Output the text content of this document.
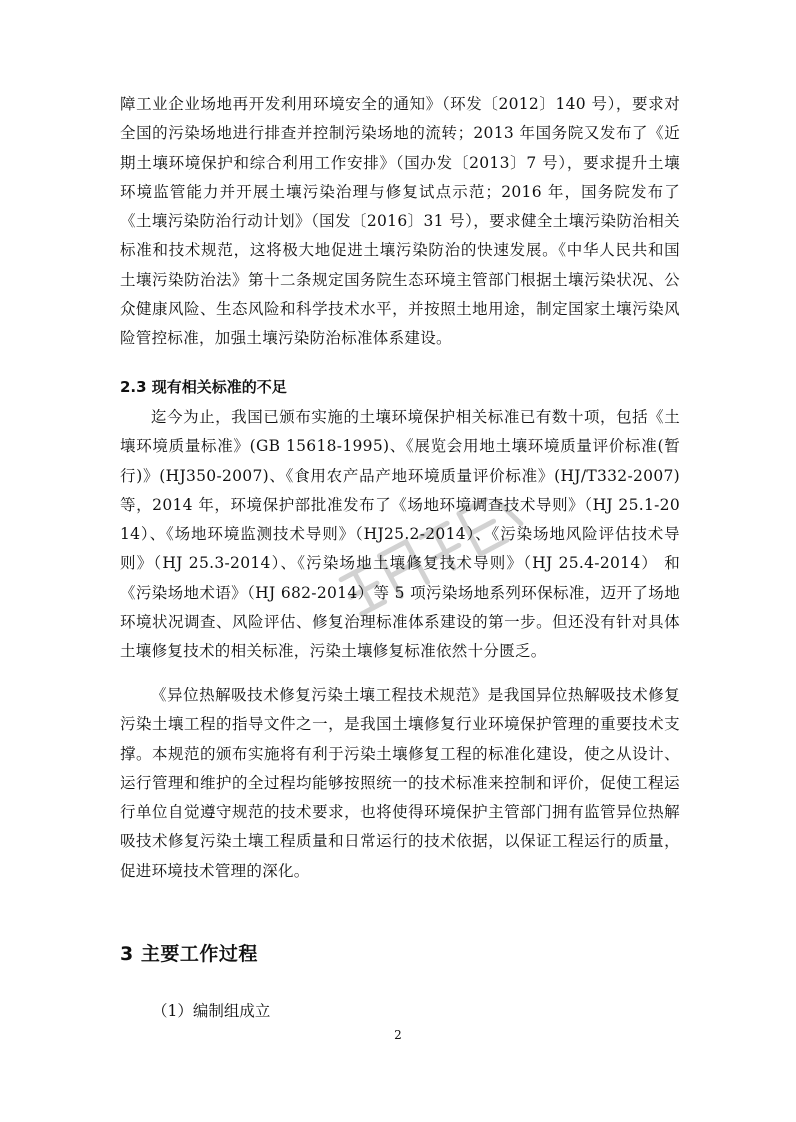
障工业企业场地再开发利用环境安全的通知》（环发〔2012〕140 号），要求对全国的污染场地进行排查并控制污染场地的流转；2013 年国务院又发布了《近期土壤环境保护和综合利用工作安排》（国办发〔2013〕7 号），要求提升土壤环境监管能力并开展土壤污染治理与修复试点示范；2016 年，国务院发布了《土壤污染防治行动计划》（国发〔2016〕31 号），要求健全土壤污染防治相关标准和技术规范，这将极大地促进土壤污染防治的快速发展。《中华人民共和国土壤污染防治法》第十二条规定国务院生态环境主管部门根据土壤污染状况、公众健康风险、生态风险和科学技术水平，并按照土地用途，制定国家土壤污染风险管控标准，加强土壤污染防治标准体系建设。

2.3 现有相关标准的不足

迄今为止，我国已颁布实施的土壤环境保护相关标准已有数十项，包括《土壤环境质量标准》(GB 15618-1995)、《展览会用地土壤环境质量评价标准(暂行)》(HJ350-2007)、《食用农产品产地环境质量评价标准》(HJ/T332-2007)等，2014 年，环境保护部批准发布了《场地环境调查技术导则》（HJ 25.1-2014）、《场地环境监测技术导则》（HJ25.2-2014）、《污染场地风险评估技术导则》（HJ 25.3-2014）、《污染场地土壤修复技术导则》（HJ 25.4-2014） 和 《污染场地术语》（HJ 682-2014）等 5 项污染场地系列环保标准，迈开了场地环境状况调查、风险评估、修复治理标准体系建设的第一步。但还没有针对具体土壤修复技术的相关标准，污染土壤修复标准依然十分匮乏。

《异位热解吸技术修复污染土壤工程技术规范》是我国异位热解吸技术修复污染土壤工程的指导文件之一，是我国土壤修复行业环境保护管理的重要技术支撑。本规范的颁布实施将有利于污染土壤修复工程的标准化建设，使之从设计、运行管理和维护的全过程均能够按照统一的技术标准来控制和评价，促使工程运行单位自觉遵守规范的技术要求，也将使得环境保护主管部门拥有监管异位热解吸技术修复污染土壤工程质量和日常运行的技术依据，以保证工程运行的质量，促进环境技术管理的深化。

3 主要工作过程

（1）编制组成立

2
